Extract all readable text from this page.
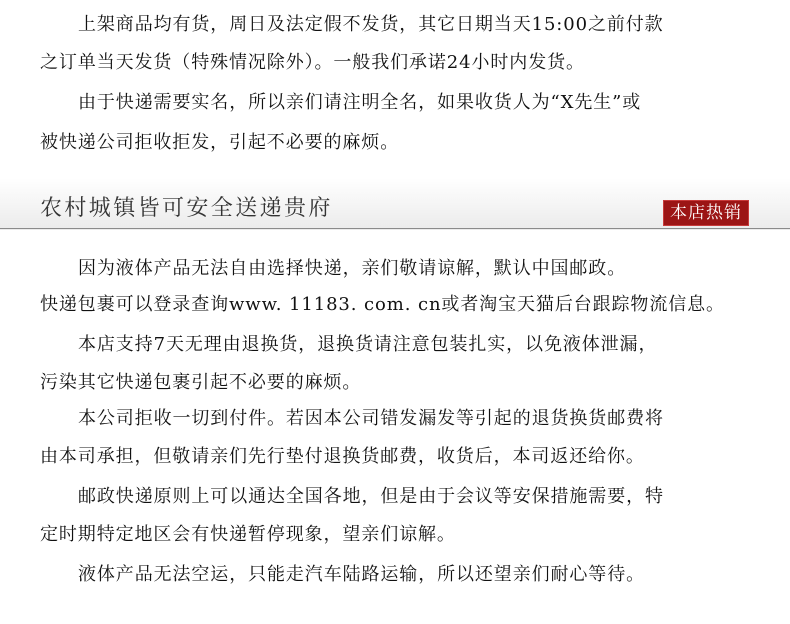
上架商品均有货，周日及法定假不发货，其它日期当天15:00之前付款
之订单当天发货（特殊情况除外）。一般我们承诺24小时内发货。
由于快递需要实名，所以亲们请注明全名，如果收货人为“X先生”或
被快递公司拒收拒发，引起不必要的麻烦。
农村城镇皆可安全送递贵府	本店热销
因为液体产品无法自由选择快递，亲们敬请谅解，默认中国邮政。
快递包裹可以登录查询www. 11183. com. cn或者淘宝天猫后台跟踪物流信息。
本店支持7天无理由退换货，退换货请注意包装扎实，以免液体泄漏，
污染其它快递包裹引起不必要的麻烦。
本公司拒收一切到付件。若因本公司错发漏发等引起的退货换货邮费将
由本司承担，但敬请亲们先行垫付退换货邮费，收货后，本司返还给你。
邮政快递原则上可以通达全国各地，但是由于会议等安保措施需要，特
定时期特定地区会有快递暂停现象，望亲们谅解。
液体产品无法空运，只能走汽车陆路运输，所以还望亲们耐心等待。
